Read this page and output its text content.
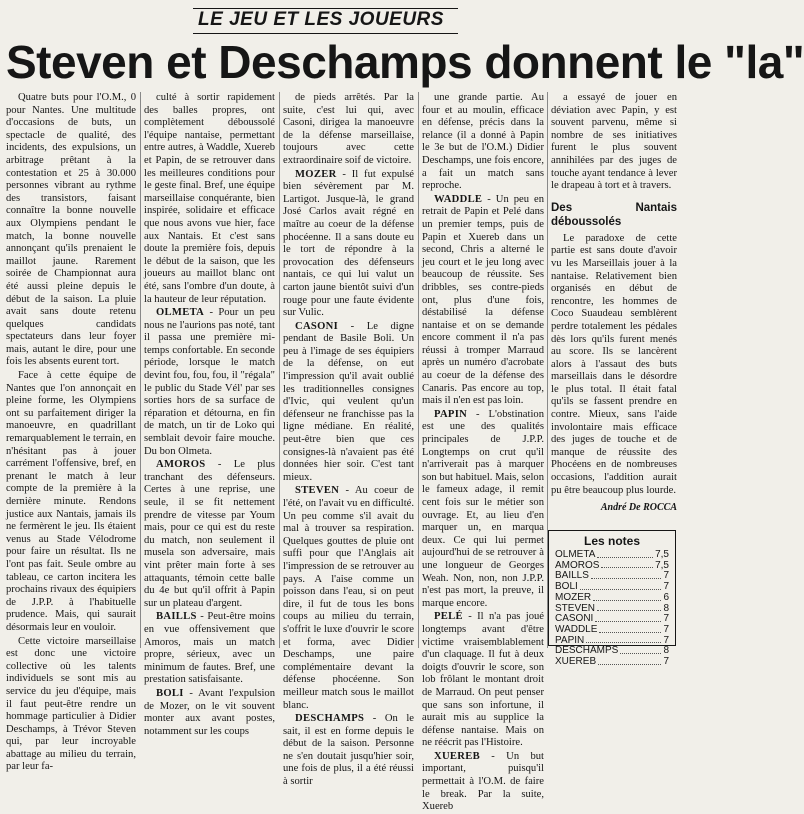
LE JEU ET LES JOUEURS
Steven et Deschamps donnent le "la"

Quatre buts pour l'O.M., 0 pour Nantes. Une multitude d'occasions de buts, un spectacle de qualité, des incidents, des expulsions, un arbitrage prêtant à la contestation et 25 à 30.000 personnes vibrant au rythme des transistors, faisant connaître la bonne nouvelle aux Olympiens pendant le match, la bonne nouvelle annonçant qu'ils prenaient le maillot jaune. Rarement soirée de Championnat aura été aussi pleine depuis le début de la saison. La pluie avait sans doute retenu quelques candidats spectateurs dans leur foyer mais, autant le dire, pour une fois les absents eurent tort.

Face à cette équipe de Nantes que l'on annonçait en pleine forme, les Olympiens ont su parfaitement diriger la manoeuvre, en quadrillant remarquablement le terrain, en n'hésitant pas à jouer carrément l'offensive, bref, en prenant le match à leur compte de la première à la dernière minute. Rendons justice aux Nantais, jamais ils ne fermèrent le jeu. Ils étaient venus au Stade Vélodrome pour faire un résultat. Ils ne l'ont pas fait. Seule ombre au tableau, ce carton incitera les prochains rivaux des équipiers de J.P.P. à l'habituelle prudence. Mais, qui saurait désormais leur en vouloir.

Cette victoire marseillaise est donc une victoire collective où les talents individuels se sont mis au service du jeu d'équipe, mais il faut peut-être rendre un hommage particulier à Didier Deschamps, à Trévor Steven qui, par leur incroyable abattage au milieu du terrain, par leur fa-

culté à sortir rapidement des balles propres, ont complètement déboussolé l'équipe nantaise, permettant entre autres, à Waddle, Xuereb et Papin, de se retrouver dans les meilleures conditions pour le geste final. Bref, une équipe marseillaise conquérante, bien inspirée, solidaire et efficace que nous avons vue hier, face aux Nantais. Et c'est sans doute la première fois, depuis le début de la saison, que les joueurs au maillot blanc ont été, sans l'ombre d'un doute, à la hauteur de leur réputation.

OLMETA - Pour un peu nous ne l'aurions pas noté, tant il passa une première mi-temps confortable. En seconde période, lorsque le match devint fou, fou, fou, il "régala" le public du Stade Vél' par ses sorties hors de sa surface de réparation et détourna, en fin de match, un tir de Loko qui semblait devoir faire mouche. Du bon Olmeta.

AMOROS - Le plus tranchant des défenseurs. Certes à une reprise, une seule, il se fit nettement prendre de vitesse par Youm mais, pour ce qui est du reste du match, non seulement il musela son adversaire, mais vint prêter main forte à ses attaquants, témoin cette balle du 4e but qu'il offrit à Papin sur un plateau d'argent.

BAILLS - Peut-être moins en vue offensivement que Amoros, mais un match propre, sérieux, avec un minimum de fautes. Bref, une prestation satisfaisante.

BOLI - Avant l'expulsion de Mozer, on le vit souvent monter aux avant postes, notamment sur les coups

de pieds arrêtés. Par la suite, c'est lui qui, avec Casoni, dirigea la manoeuvre de la défense marseillaise, toujours avec cette extraordinaire soif de victoire.

MOZER - Il fut expulsé bien sévèrement par M. Lartigot. Jusque-là, le grand José Carlos avait régné en maître au coeur de la défense phocéenne. Il a sans doute eu le tort de répondre à la provocation des défenseurs nantais, ce qui lui valut un carton jaune bientôt suivi d'un rouge pour une faute évidente sur Vulic.

CASONI - Le digne pendant de Basile Boli. Un peu à l'image de ses équipiers de la défense, on eut l'impression qu'il avait oublié les traditionnelles consignes d'Ivic, qui veulent qu'un défenseur ne franchisse pas la ligne médiane. En réalité, peut-être bien que ces consignes-là n'avaient pas été données hier soir. C'est tant mieux.

STEVEN - Au coeur de l'été, on l'avait vu en difficulté. Un peu comme s'il avait du mal à trouver sa respiration. Quelques gouttes de pluie ont suffi pour que l'Anglais ait l'impression de se retrouver au pays. A l'aise comme un poisson dans l'eau, si on peut dire, il fut de tous les bons coups au milieu du terrain, s'offrit le luxe d'ouvrir le score et forma, avec Didier Deschamps, une paire complémentaire devant la défense phocéenne. Son meilleur match sous le maillot blanc.

DESCHAMPS - On le sait, il est en forme depuis le début de la saison. Personne ne s'en doutait jusqu'hier soir, une fois de plus, il a été réussi à sortir

une grande partie. Au four et au moulin, efficace en défense, précis dans la relance (il a donné à Papin le 3e but de l'O.M.) Didier Deschamps, une fois encore, a fait un match sans reproche.

WADDLE - Un peu en retrait de Papin et Pelé dans un premier temps, puis de Papin et Xuereb dans un second, Chris a alterné le jeu court et le jeu long avec beaucoup de réussite. Ses dribbles, ses contre-pieds ont, plus d'une fois, déstabilisé la défense nantaise et on se demande encore comment il n'a pas réussi à tromper Marraud après un numéro d'acrobate au coeur de la défense des Canaris. Pas encore au top, mais il n'en est pas loin.

PAPIN - L'obstination est une des qualités principales de J.P.P. Longtemps on crut qu'il n'arriverait pas à marquer son but habituel. Mais, selon le fameux adage, il remit cent fois sur le métier son ouvrage. Et, au lieu d'en marquer un, en marqua deux. Ce qui lui permet aujourd'hui de se retrouver à une longueur de Georges Weah. Non, non, non J.P.P. n'est pas mort, la preuve, il marque encore.

PELÉ - Il n'a pas joué longtemps avant d'être victime vraisemblablement d'un claquage. Il fut à deux doigts d'ouvrir le score, son lob frôlant le montant droit de Marraud. On peut penser que sans son infortune, il aurait mis au supplice la défense nantaise. Mais on ne réécrit pas l'Histoire.

XUEREB - Un but important, puisqu'il permettait à l'O.M. de faire le break. Par la suite, Xuereb

a essayé de jouer en déviation avec Papin, y est souvent parvenu, même si nombre de ses initiatives furent le plus souvent annihilées par des juges de touche ayant tendance à lever le drapeau à tort et à travers.

Des Nantais déboussolés

Le paradoxe de cette partie est sans doute d'avoir vu les Marseillais jouer à la nantaise. Relativement bien organisés en début de rencontre, les hommes de Coco Suaudeau semblèrent perdre totalement les pédales dès lors qu'ils furent menés au score. Ils se lancèrent alors à l'assaut des buts marseillais dans le désordre le plus total. Il était fatal qu'ils se fassent prendre en contre. Mieux, sans l'aide involontaire mais efficace des juges de touche et de manque de réussite des Phocéens en de nombreuses occasions, l'addition aurait pu être beaucoup plus lourde.

André De ROCCA
Les notes
OLMETA	7,5
AMOROS	7,5
BAILLS	7
BOLI	7
MOZER	6
STEVEN	8
CASONI	7
WADDLE	7
PAPIN	7
DESCHAMPS	8
XUEREB	7
